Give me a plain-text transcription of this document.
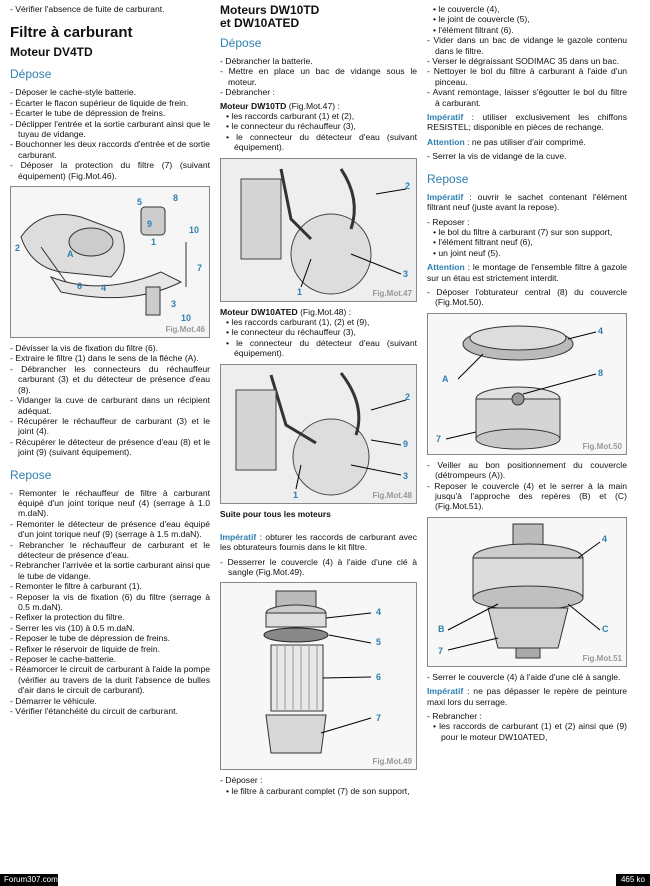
- Vérifier l'absence de fuite de carburant.
Filtre à carburant
Moteur DV4TD
Dépose
- Déposer le cache-style batterie.
- Écarter le flacon supérieur de liquide de frein.
- Écarter le tube de dépression de freins.
- Déclipper l'entrée et la sortie carburant ainsi que le tuyau de vidange.
- Bouchonner les deux raccords d'entrée et de sortie carburant.
- Déposer la protection du filtre (7) (suivant équipement) (Fig.Mot.46).
8
5
9
10
2
A
1
7
6 4
3
10
Fig.Mot.46
- Dévisser la vis de fixation du filtre (6).
- Extraire le filtre (1) dans le sens de la flèche (A).
- Débrancher les connecteurs du réchauffeur carburant (3) et du détecteur de présence d'eau (8).
- Vidanger la cuve de carburant dans un récipient adéquat.
- Récupérer le réchauffeur de carburant (3) et le joint (4).
- Récupérer le détecteur de présence d'eau (8) et le joint (9) (suivant équipement).
Repose
- Remonter le réchauffeur de filtre à carburant équipé d'un joint torique neuf (4) (serrage à 1.0 m.daN).
- Remonter le détecteur de présence d'eau équipé d'un joint torique neuf (9) (serrage à 1.5 m.daN).
- Rebrancher le réchauffeur de carburant et le détecteur de présence d'eau.
- Rebrancher l'arrivée et la sortie carburant ainsi que le tube de vidange.
- Remonter le filtre à carburant (1).
- Reposer la vis de fixation (6) du filtre (serrage à 0.5 m.daN).
- Refixer la protection du filtre.
- Serrer les vis (10) à 0.5 m.daN.
- Reposer le tube de dépression de freins.
- Refixer le réservoir de liquide de frein.
- Reposer le cache-batterie.
- Réamorcer le circuit de carburant à l'aide la pompe (vérifier au travers de la durit l'absence de bulles d'air dans le circuit de carburant).
- Démarrer le véhicule.
- Vérifier l'étanchéité du circuit de carburant.
Moteurs DW10TD
et DW10ATED
Dépose
- Débrancher la batterie.
- Mettre en place un bac de vidange sous le moteur.
- Débrancher :
Moteur DW10TD (Fig.Mot.47) :
• les raccords carburant (1) et (2),
• le connecteur du réchauffeur (3),
• le connecteur du détecteur d'eau (suivant équipement).
2
3
1	Fig.Mot.47
Moteur DW10ATED (Fig.Mot.48) :
• les raccords carburant (1), (2) et (9),
• le connecteur du réchauffeur (3),
• le connecteur du détecteur d'eau (suivant équipement).
2
9
3
1	Fig.Mot.48
Suite pour tous les moteurs

Impératif : obturer les raccords de carburant avec les obturateurs fournis dans le kit filtre.

- Desserrer le couvercle (4) à l'aide d'une clé à sangle (Fig.Mot.49).
4
5
6
7
Fig.Mot.49
- Déposer :
• le filtre à carburant complet (7) de son support,
• le couvercle (4),
• le joint de couvercle (5),
• l'élément filtrant (6).
- Vider dans un bac de vidange le gazole contenu dans le filtre.
- Verser le dégraissant SODIMAC 35 dans un bac.
- Nettoyer le bol du filtre à carburant à l'aide d'un pinceau.
- Avant remontage, laisser s'égoutter le bol du filtre à carburant.

Impératif : utiliser exclusivement les chiffons RESISTEL; disponible en pièces de rechange.

Attention : ne pas utiliser d'air comprimé.

- Serrer la vis de vidange de la cuve.
Repose

Impératif : ouvrir le sachet contenant l'élément filtrant neuf (juste avant la repose).

- Reposer :
• le bol du filtre à carburant (7) sur son support,
• l'élément filtrant neuf (6),
• un joint neuf (5).

Attention : le montage de l'ensemble filtre à gazole sur un étau est strictement interdit.

- Déposer l'obturateur central (8) du couvercle (Fig.Mot.50).
4
A
8
7
Fig.Mot.50
- Veiller au bon positionnement du couvercle (détrompeurs (A)).
- Reposer le couvercle (4) et le serrer à la main jusqu'à l'approche des repères (B) et (C) (Fig.Mot.51).
4
B	C
7
Fig.Mot.51
- Serrer le couvercle (4) à l'aide d'une clé à sangle.

Impératif : ne pas dépasser le repère de peinture maxi lors du serrage.

- Rebrancher :
• les raccords de carburant (1) et (2) ainsi que (9) pour le moteur DW10ATED,
Forum307.com	465 ko
